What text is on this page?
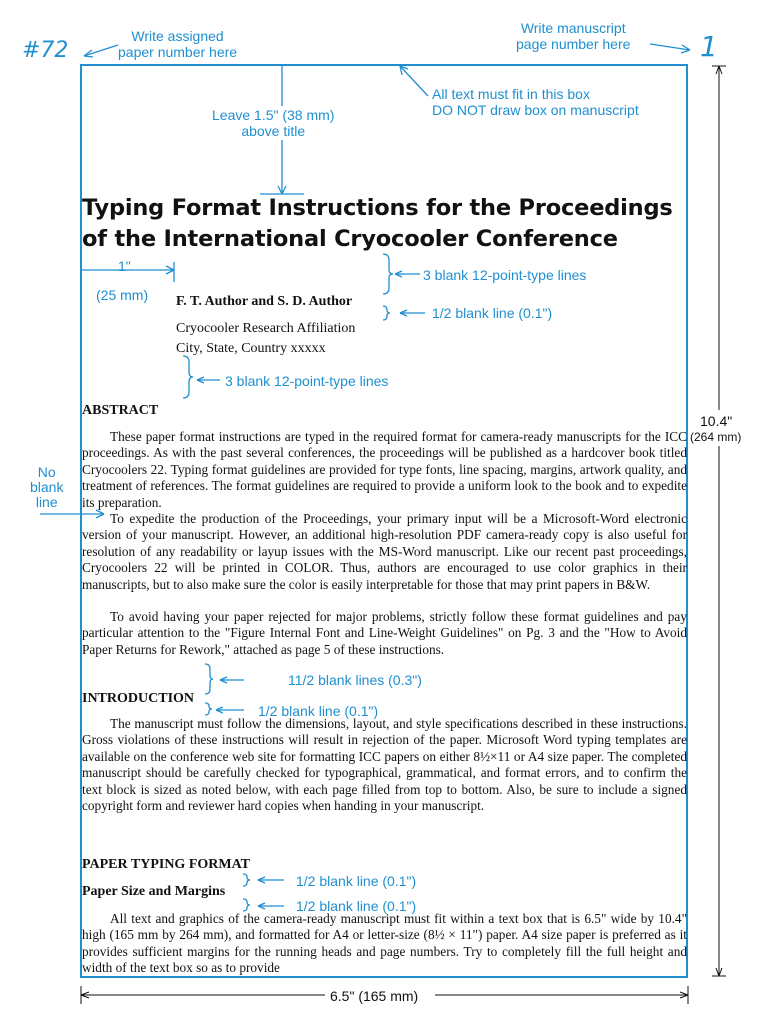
#72	1
Write assigned
paper number here
Write manuscript
page number here
All text must fit in this box
DO NOT draw box on manuscript
Leave 1.5" (38 mm)
above title
1"
(25 mm)
3 blank 12-point-type lines
1/2 blank line (0.1")
3 blank 12-point-type lines
10.4"
(264 mm)
No
blank
line
11/2 blank lines (0.3")
1/2 blank line (0.1")
1/2 blank line (0.1")
1/2 blank line (0.1")
6.5" (165 mm)
Typing Format Instructions for the Proceedings
of the International Cryocooler Conference
F. T. Author and S. D. Author
Cryocooler Research Affiliation
City, State, Country xxxxx
ABSTRACT

These paper format instructions are typed in the required format for camera-ready manuscripts for the ICC proceedings. As with the past several conferences, the proceedings will be published as a hardcover book titled Cryocoolers 22. Typing format guidelines are provided for type fonts, line spacing, margins, artwork quality, and treatment of references. The format guidelines are required to provide a uniform look to the book and to expedite its preparation.

To expedite the production of the Proceedings, your primary input will be a Microsoft-Word electronic version of your manuscript. However, an additional high-resolution PDF camera-ready copy is also useful for resolution of any readability or layup issues with the MS-Word manuscript. Like our recent past proceedings, Cryocoolers 22 will be printed in COLOR. Thus, authors are encouraged to use color graphics in their manuscripts, but to also make sure the color is easily interpretable for those that may print papers in B&W.

To avoid having your paper rejected for major problems, strictly follow these format guidelines and pay particular attention to the "Figure Internal Font and Line-Weight Guidelines" on Pg. 3 and the "How to Avoid Paper Returns for Rework," attached as page 5 of these instructions.

INTRODUCTION

The manuscript must follow the dimensions, layout, and style specifications described in these instructions. Gross violations of these instructions will result in rejection of the paper. Microsoft Word typing templates are available on the conference web site for formatting ICC papers on either 8½×11 or A4 size paper. The completed manuscript should be carefully checked for typographical, grammatical, and format errors, and to confirm the text block is sized as noted below, with each page filled from top to bottom. Also, be sure to include a signed copyright form and reviewer hard copies when handing in your manuscript.

PAPER TYPING FORMAT
Paper Size and Margins

All text and graphics of the camera-ready manuscript must fit within a text box that is 6.5" wide by 10.4" high (165 mm by 264 mm), and formatted for A4 or letter-size (8½ × 11") paper. A4 size paper is preferred as it provides sufficient margins for the running heads and page numbers. Try to completely fill the full height and width of the text box so as to provide
